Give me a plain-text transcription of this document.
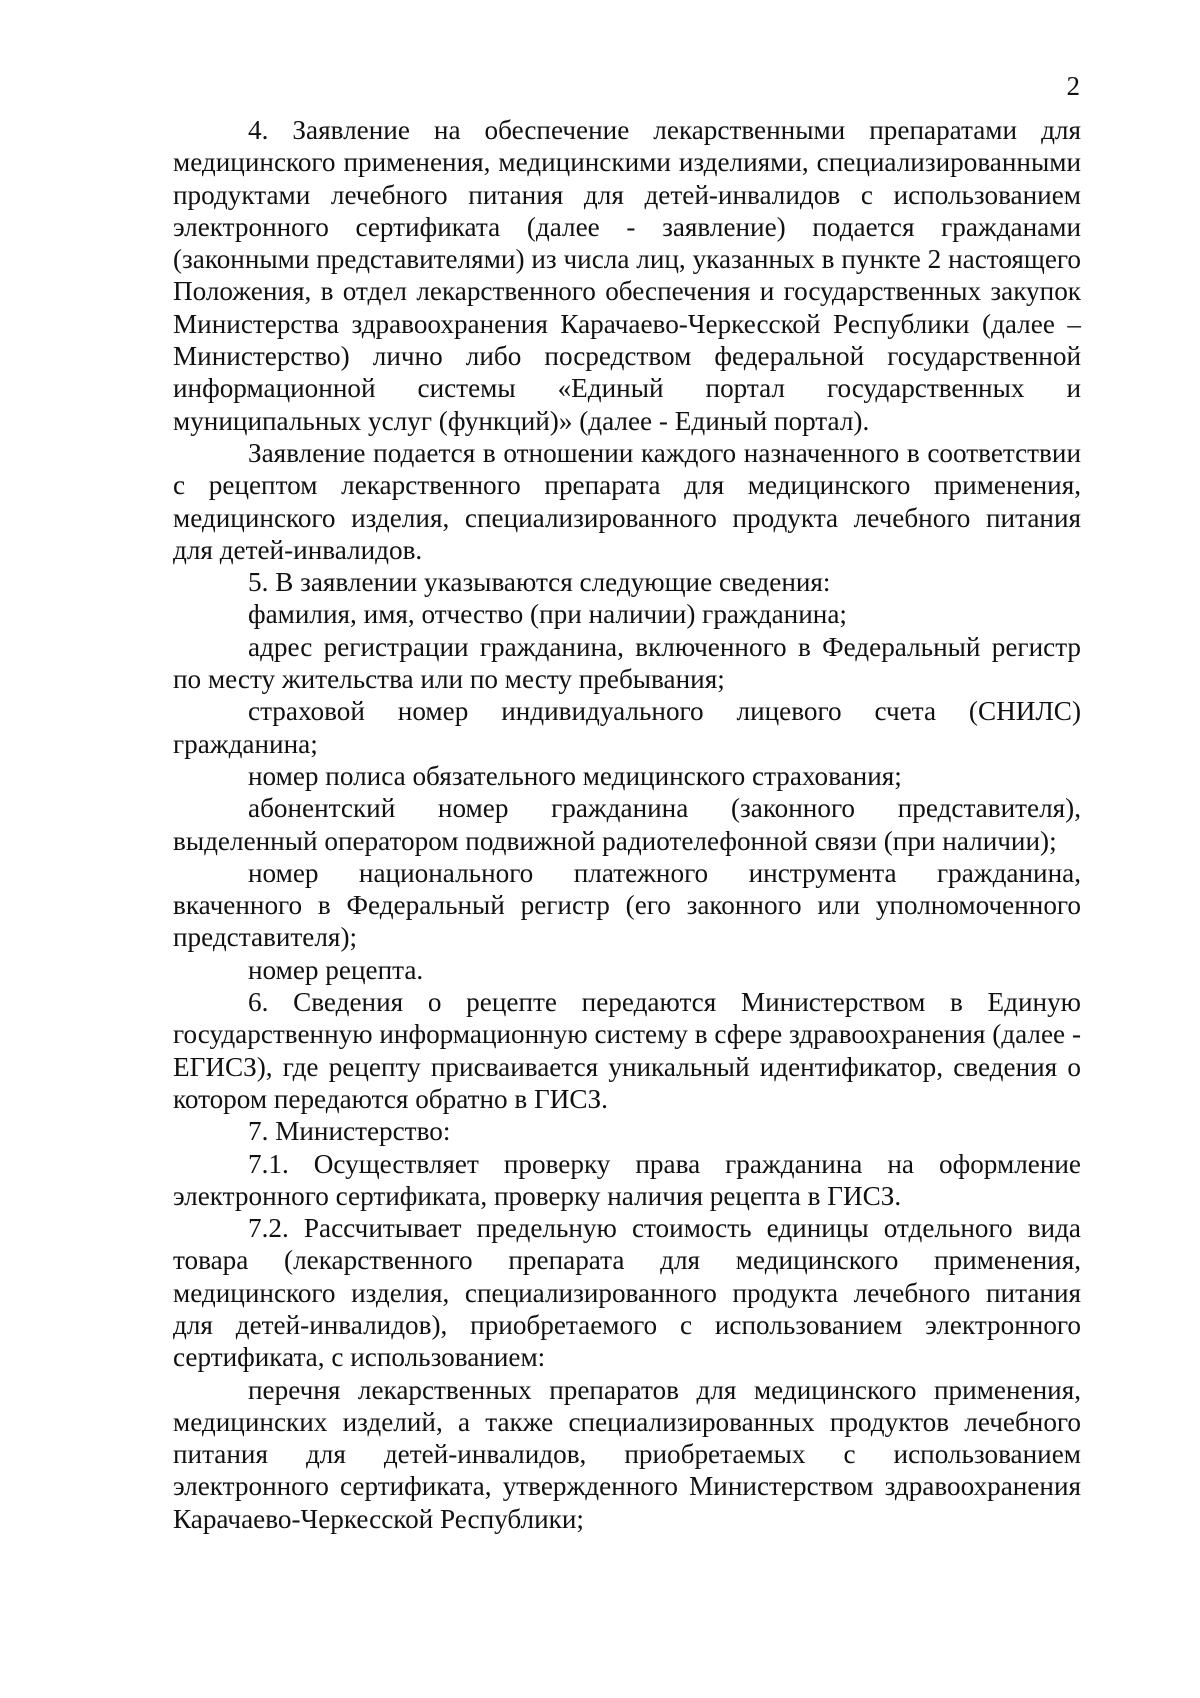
2

4. Заявление на обеспечение лекарственными препаратами для медицинского применения, медицинскими изделиями, специализированными продуктами лечебного питания для детей-инвалидов с использованием электронного сертификата (далее - заявление) подается гражданами (законными представителями) из числа лиц, указанных в пункте 2 настоящего Положения, в отдел лекарственного обеспечения и государственных закупок Министерства здравоохранения Карачаево-Черкесской Республики (далее – Министерство) лично либо посредством федеральной государственной информационной системы «Единый портал государственных и муниципальных услуг (функций)» (далее - Единый портал).

Заявление подается в отношении каждого назначенного в соответствии с рецептом лекарственного препарата для медицинского применения, медицинского изделия, специализированного продукта лечебного питания для детей-инвалидов.

5. В заявлении указываются следующие сведения:

фамилия, имя, отчество (при наличии) гражданина;

адрес регистрации гражданина, включенного в Федеральный регистр по месту жительства или по месту пребывания;

страховой номер индивидуального лицевого счета (СНИЛС) гражданина;

номер полиса обязательного медицинского страхования;

абонентский номер гражданина (законного представителя), выделенный оператором подвижной радиотелефонной связи (при наличии);

номер национального платежного инструмента гражданина, вкаченного в Федеральный регистр (его законного или уполномоченного представителя);

номер рецепта.

6. Сведения о рецепте передаются Министерством в Единую государственную информационную систему в сфере здравоохранения (далее - ЕГИСЗ), где рецепту присваивается уникальный идентификатор, сведения о котором передаются обратно в ГИСЗ.

7. Министерство:

7.1. Осуществляет проверку права гражданина на оформление электронного сертификата, проверку наличия рецепта в ГИСЗ.

7.2. Рассчитывает предельную стоимость единицы отдельного вида товара (лекарственного препарата для медицинского применения, медицинского изделия, специализированного продукта лечебного питания для детей-инвалидов), приобретаемого с использованием электронного сертификата, с использованием:

перечня лекарственных препаратов для медицинского применения, медицинских изделий, а также специализированных продуктов лечебного питания для детей-инвалидов, приобретаемых с использованием электронного сертификата, утвержденного Министерством здравоохранения Карачаево-Черкесской Республики;
